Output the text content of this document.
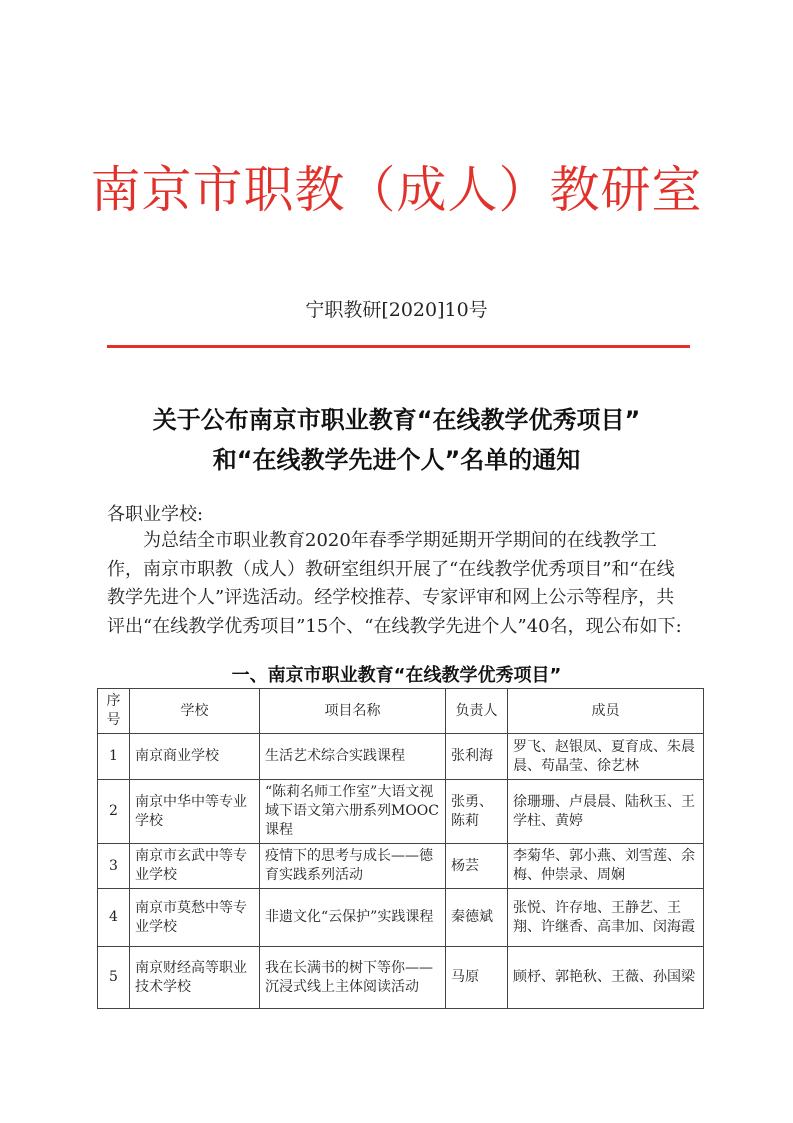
南京市职教（成人）教研室
宁职教研[2020]10号
关于公布南京市职业教育“在线教学优秀项目”
和“在线教学先进个人”名单的通知
各职业学校:

为总结全市职业教育2020年春季学期延期开学期间的在线教学工作，南京市职教（成人）教研室组织开展了“在线教学优秀项目”和“在线教学先进个人”评选活动。经学校推荐、专家评审和网上公示等程序，共评出“在线教学优秀项目”15个、“在线教学先进个人”40名，现公布如下:

一、南京市职业教育“在线教学优秀项目”
序号	学校	项目名称	负责人	成员
1	南京商业学校	生活艺术综合实践课程	张利海	罗飞、赵银凤、夏育成、朱晨晨、苟晶莹、徐艺林
2	南京中华中等专业学校	“陈莉名师工作室”大语文视域下语文第六册系列MOOC课程	张勇、陈莉	徐珊珊、卢晨晨、陆秋玉、王学柱、黄婷
3	南京市玄武中等专业学校	疫情下的思考与成长——德育实践系列活动	杨芸	李菊华、郭小燕、刘雪莲、余梅、仲崇录、周娴
4	南京市莫愁中等专业学校	非遗文化“云保护”实践课程	秦德斌	张悦、许存地、王静艺、王翔、许继香、高聿加、闵海霞
5	南京财经高等职业技术学校	我在长满书的树下等你——沉浸式线上主体阅读活动	马原	顾杼、郭艳秋、王薇、孙国梁
